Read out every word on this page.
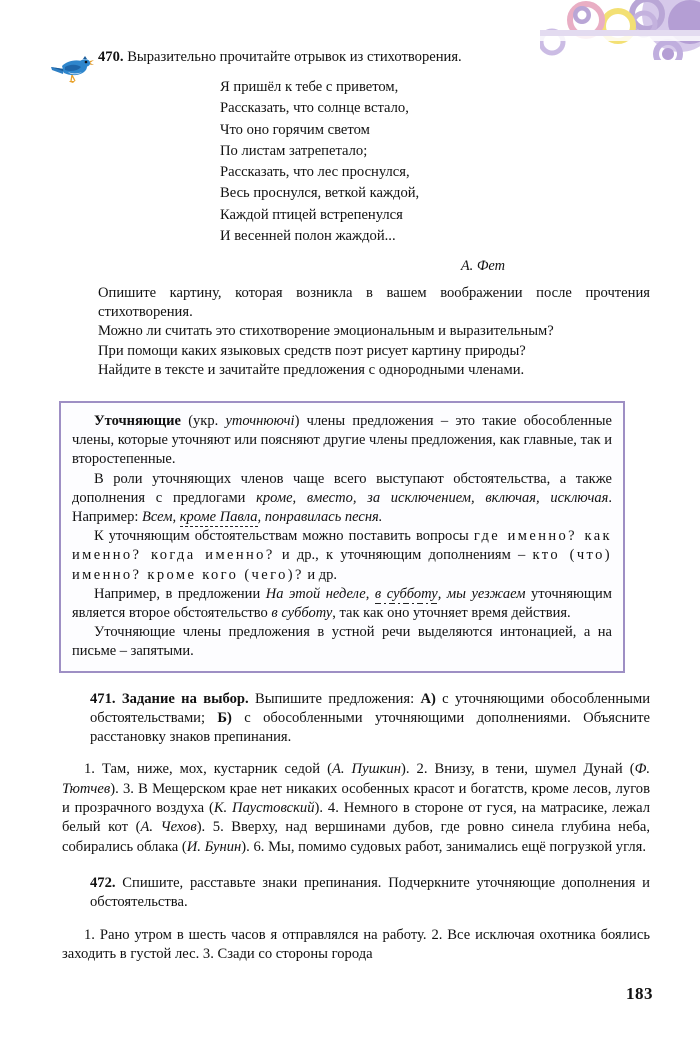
470. Выразительно прочитайте отрывок из стихотворения.

Я пришёл к тебе с приветом,
Рассказать, что солнце встало,
Что оно горячим светом
По листам затрепетало;
Рассказать, что лес проснулся,
Весь проснулся, веткой каждой,
Каждой птицей встрепенулся
И весенней полон жаждой...

А. Фет

Опишите картину, которая возникла в вашем воображении после прочтения стихотворения.

Можно ли считать это стихотворение эмоциональным и выразительным?

При помощи каких языковых средств поэт рисует картину природы?

Найдите в тексте и зачитайте предложения с однородными членами.

Уточняющие (укр. уточнюючі) члены предложения – это такие обособленные члены, которые уточняют или поясняют другие члены предложения, как главные, так и второстепенные.

В роли уточняющих членов чаще всего выступают обстоятельства, а также дополнения с предлогами кроме, вместо, за исключением, включая, исключая. Например: Всем, кроме Павла, понравилась песня.

К уточняющим обстоятельствам можно поставить вопросы где именно? как именно? когда именно? и др., к уточняющим дополнениям – кто (что) именно? кроме кого (чего)? и др.

Например, в предложении На этой неделе, в субботу, мы уезжаем уточняющим является второе обстоятельство в субботу, так как оно уточняет время действия.

Уточняющие члены предложения в устной речи выделяются интонацией, а на письме – запятыми.

471. Задание на выбор. Выпишите предложения: А) с уточняющими обособленными обстоятельствами; Б) с обособленными уточняющими дополнениями. Объясните расстановку знаков препинания.

1. Там, ниже, мох, кустарник седой (А. Пушкин). 2. Внизу, в тени, шумел Дунай (Ф. Тютчев). 3. В Мещерском крае нет никаких особенных красот и богатств, кроме лесов, лугов и прозрачного воздуха (К. Паустовский). 4. Немного в стороне от гуся, на матрасике, лежал белый кот (А. Чехов). 5. Вверху, над вершинами дубов, где ровно синела глубина неба, собирались облака (И. Бунин). 6. Мы, помимо судовых работ, занимались ещё погрузкой угля.

472. Спишите, расставьте знаки препинания. Подчеркните уточняющие дополнения и обстоятельства.

1. Рано утром в шесть часов я отправлялся на работу. 2. Все исключая охотника боялись заходить в густой лес. 3. Сзади со стороны города

183
